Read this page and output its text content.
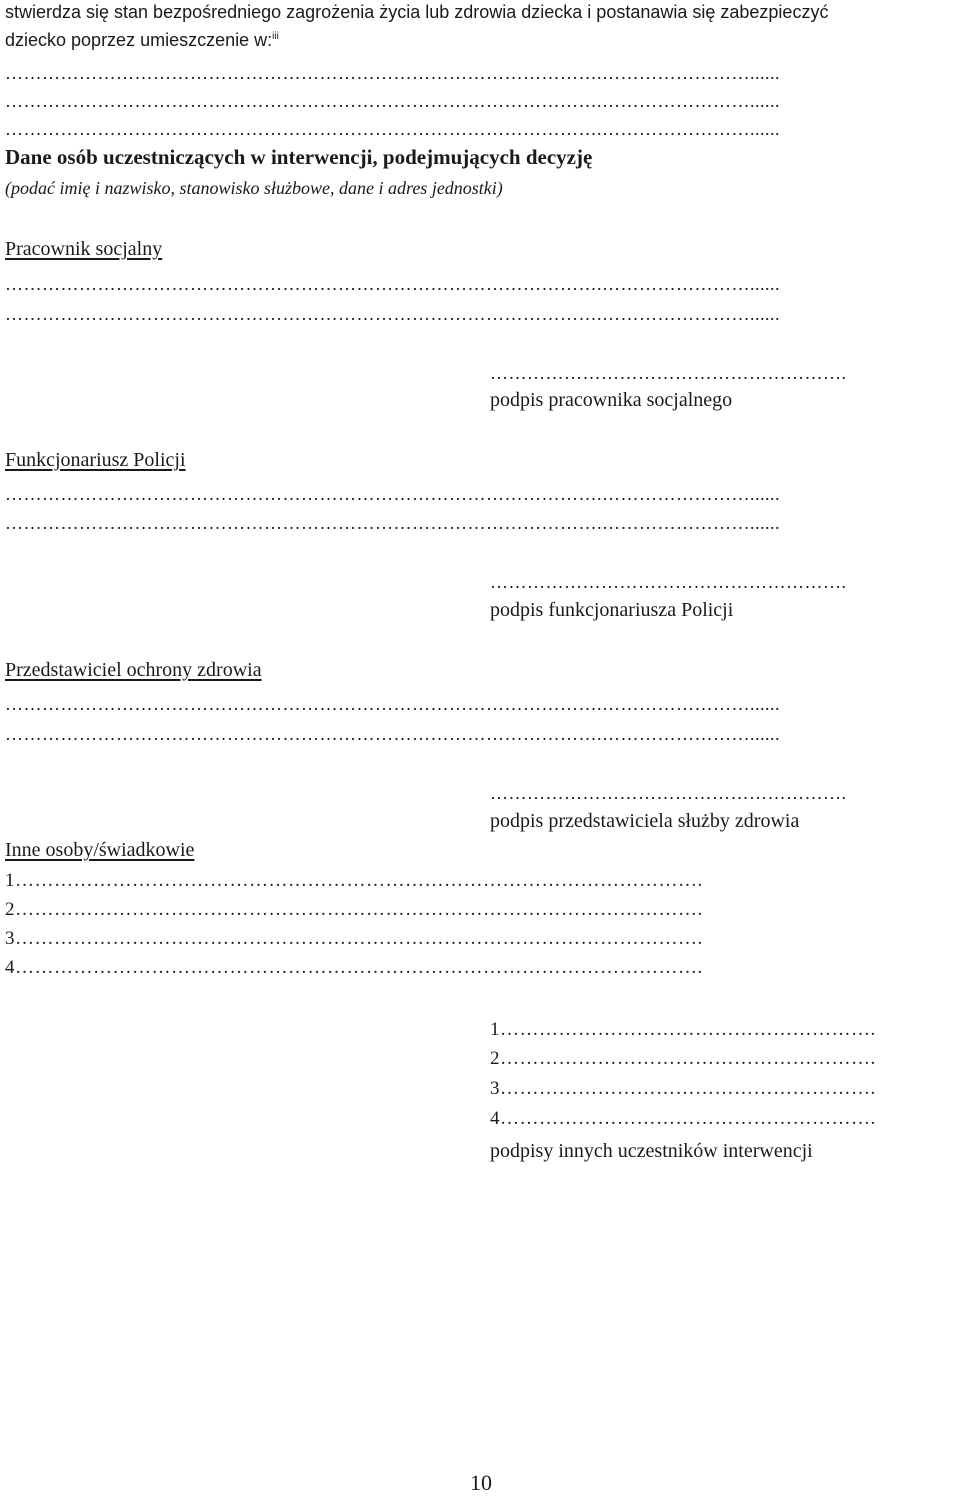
stwierdza się stan bezpośredniego zagrożenia życia lub zdrowia dziecka i postanawia się zabezpieczyć
dziecko poprzez umieszczenie w:$^{iii}$
…………………………………………………………………………………….……………………......
…………………………………………………………………………………….……………………......
…………………………………………………………………………………….……………………......
Dane osób uczestniczących w interwencji, podejmujących decyzję
(podać imię i nazwisko, stanowisko służbowe, dane i adres jednostki)
Pracownik socjalny
…………………………………………………………………………………….……………………......
…………………………………………………………………………………….……………………......
………………………………………………….
podpis pracownika socjalnego
Funkcjonariusz Policji
…………………………………………………………………………………….……………………......
…………………………………………………………………………………….……………………......
………………………………………………….
podpis funkcjonariusza Policji
Przedstawiciel ochrony zdrowia
…………………………………………………………………………………….……………………......
…………………………………………………………………………………….……………………......
………………………………………………….
podpis przedstawiciela służby zdrowia
Inne osoby/świadkowie
1…………………………………………………………………………………………….
2…………………………………………………………………………………………….
3…………………………………………………………………………………………….
4…………………………………………………………………………………………….
1………………………………………………….
2………………………………………………….
3………………………………………………….
4………………………………………………….
podpisy innych uczestników interwencji
10
